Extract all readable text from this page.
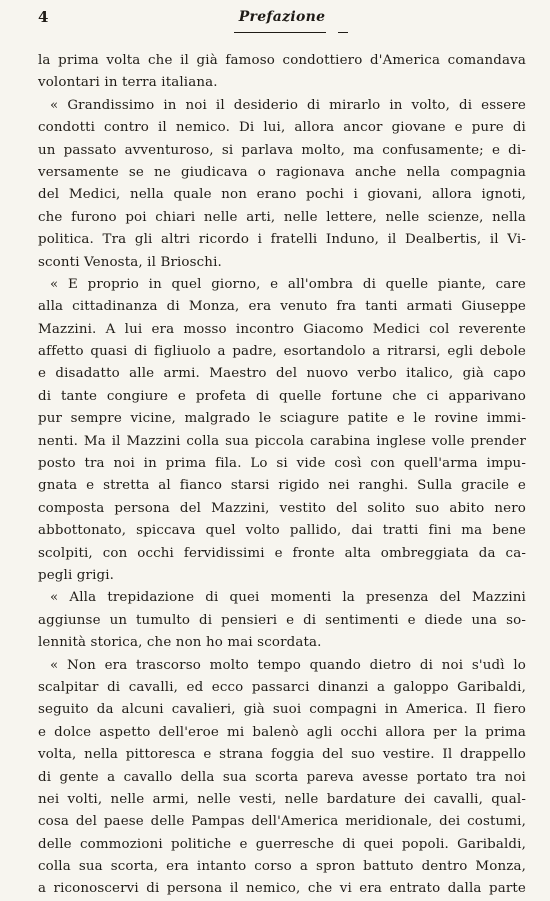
4	Prefazione
la prima volta che il già famoso condottiero d'America comandava
volontari in terra italiana.
« Grandissimo in noi il desiderio di mirarlo in volto, di essere
condotti contro il nemico. Di lui, allora ancor giovane e pure di
un passato avventuroso, si parlava molto, ma confusamente; e di-
versamente se ne giudicava o ragionava anche nella compagnia
del Medici, nella quale non erano pochi i giovani, allora ignoti,
che furono poi chiari nelle arti, nelle lettere, nelle scienze, nella
politica. Tra gli altri ricordo i fratelli Induno, il Dealbertis, il Vi-
sconti Venosta, il Brioschi.
« E proprio in quel giorno, e all'ombra di quelle piante, care
alla cittadinanza di Monza, era venuto fra tanti armati Giuseppe
Mazzini. A lui era mosso incontro Giacomo Medici col reverente
affetto quasi di figliuolo a padre, esortandolo a ritrarsi, egli debole
e disadatto alle armi. Maestro del nuovo verbo italico, già capo
di tante congiure e profeta di quelle fortune che ci apparivano
pur sempre vicine, malgrado le sciagure patite e le rovine immi-
nenti. Ma il Mazzini colla sua piccola carabina inglese volle prender
posto tra noi in prima fila. Lo si vide così con quell'arma impu-
gnata e stretta al fianco starsi rigido nei ranghi. Sulla gracile e
composta persona del Mazzini, vestito del solito suo abito nero
abbottonato, spiccava quel volto pallido, dai tratti fini ma bene
scolpiti, con occhi fervidissimi e fronte alta ombreggiata da ca-
pegli grigi.
« Alla trepidazione di quei momenti la presenza del Mazzini
aggiunse un tumulto di pensieri e di sentimenti e diede una so-
lennità storica, che non ho mai scordata.
« Non era trascorso molto tempo quando dietro di noi s'udì lo
scalpitar di cavalli, ed ecco passarci dinanzi a galoppo Garibaldi,
seguito da alcuni cavalieri, già suoi compagni in America. Il fiero
e dolce aspetto dell'eroe mi balenò agli occhi allora per la prima
volta, nella pittoresca e strana foggia del suo vestire. Il drappello
di gente a cavallo della sua scorta pareva avesse portato tra noi
nei volti, nelle armi, nelle vesti, nelle bardature dei cavalli, qual-
cosa del paese delle Pampas dell'America meridionale, dei costumi,
delle commozioni politiche e guerresche di quei popoli. Garibaldi,
colla sua scorta, era intanto corso a spron battuto dentro Monza,
a riconoscervi di persona il nemico, che vi era entrato dalla parte
